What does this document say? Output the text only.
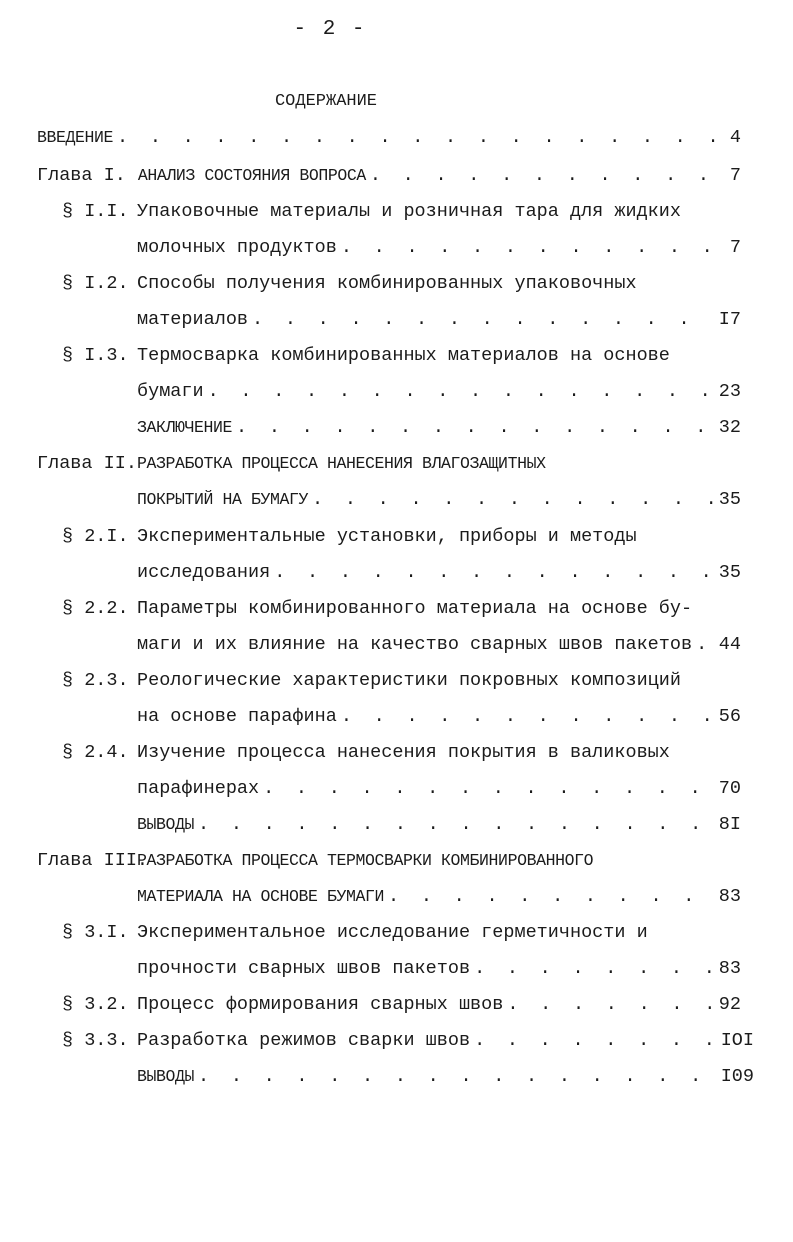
- 2 -
СОДЕРЖАНИЕ
ВВЕДЕНИЕ . . .	4
Глава I. АНАЛИЗ СОСТОЯНИЯ ВОПРОСА . . .	7
§ I.I. Упаковочные материалы и розничная тара для жидких
молочных продуктов . . .	7
§ I.2. Способы получения комбинированных упаковочных
материалов . . .	I7
§ I.3. Термосварка комбинированных материалов на основе
бумаги . . .	23
ЗАКЛЮЧЕНИЕ . . .	32
Глава II. РАЗРАБОТКА ПРОЦЕССА НАНЕСЕНИЯ ВЛАГОЗАЩИТНЫХ
ПОКРЫТИЙ НА БУМАГУ . . .	35
§ 2.I. Экспериментальные установки, приборы и методы
исследования . . .	35
§ 2.2. Параметры комбинированного материала на основе бу-
маги и их влияние на качество сварных швов пакетов . . . 44
§ 2.3. Реологические характеристики покровных композиций
на основе парафина . . .	56
§ 2.4. Изучение процесса нанесения покрытия в валиковых
парафинерах . . .	70
ВЫВОДЫ . . .	8I
Глава III.
РАЗРАБОТКА ПРОЦЕССА ТЕРМОСВАРКИ КОМБИНИРОВАННОГО
МАТЕРИАЛА НА ОСНОВЕ БУМАГИ . . .	83
§ 3.I. Экспериментальное исследование герметичности и
прочности сварных швов пакетов . . .	83
§ 3.2. Процесс формирования сварных швов . . .	92
§ 3.3. Разработка режимов сварки швов . . .	IOI
ВЫВОДЫ . . .	I09
